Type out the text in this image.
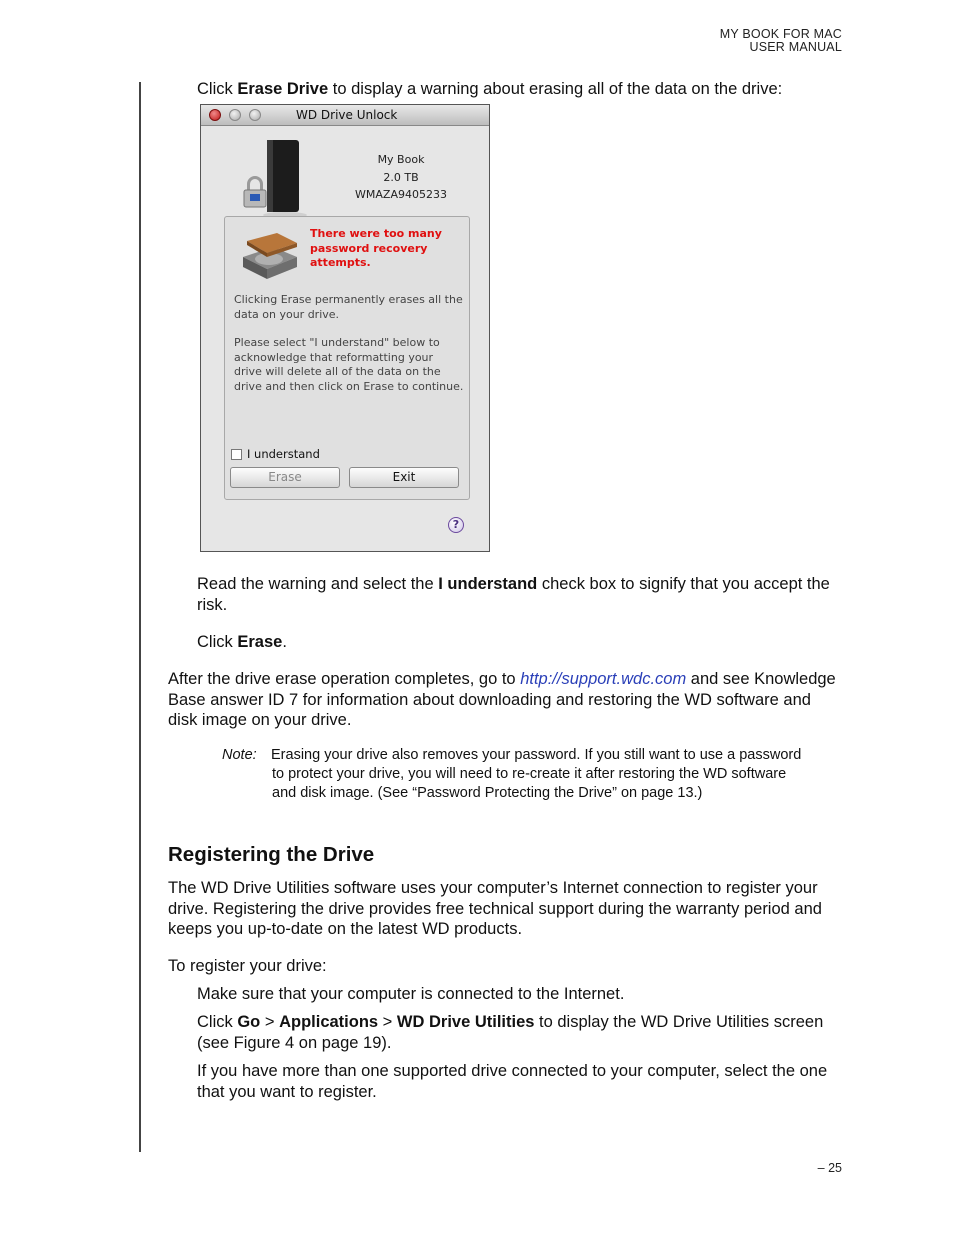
MY BOOK FOR MAC
USER MANUAL

Click Erase Drive to display a warning about erasing all of the data on the drive:

WD Drive Unlock
My Book
2.0 TB
WMAZA9405233
There were too many password recovery attempts.
Clicking Erase permanently erases all the data on your drive.
Please select "I understand" below to acknowledge that reformatting your drive will delete all of the data on the drive and then click on Erase to continue.
I understand
Erase	Exit
?

Read the warning and select the I understand check box to signify that you accept the risk.

Click Erase.

After the drive erase operation completes, go to http://support.wdc.com and see Knowledge Base answer ID 7 for information about downloading and restoring the WD software and disk image on your drive.

Note: Erasing your drive also removes your password. If you still want to use a password to protect your drive, you will need to re-create it after restoring the WD software and disk image. (See “Password Protecting the Drive” on page 13.)
Registering the Drive

The WD Drive Utilities software uses your computer’s Internet connection to register your drive. Registering the drive provides free technical support during the warranty period and keeps you up-to-date on the latest WD products.

To register your drive:

Make sure that your computer is connected to the Internet.

Click Go > Applications > WD Drive Utilities to display the WD Drive Utilities screen (see Figure 4 on page 19).

If you have more than one supported drive connected to your computer, select the one that you want to register.

– 25
